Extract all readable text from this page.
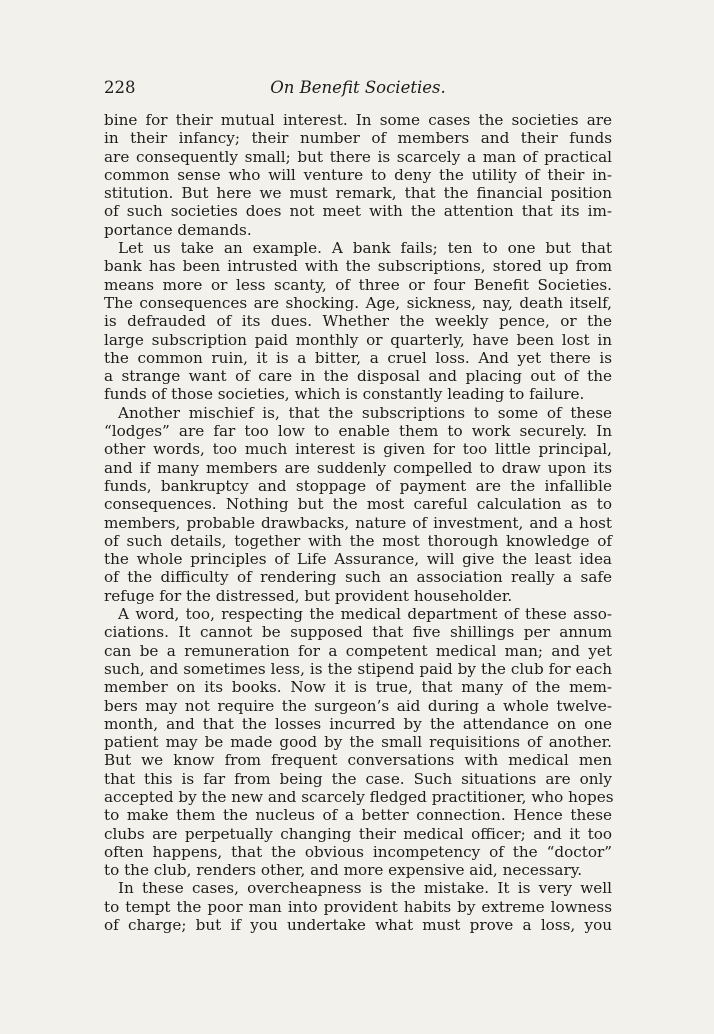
228	On Benefit Societies.
bine for their mutual interest. In some cases the societies are
in their infancy; their number of members and their funds
are consequently small; but there is scarcely a man of practical
common sense who will venture to deny the utility of their in-
stitution. But here we must remark, that the financial position
of such societies does not meet with the attention that its im-
portance demands.
Let us take an example. A bank fails; ten to one but that
bank has been intrusted with the subscriptions, stored up from
means more or less scanty, of three or four Benefit Societies.
The consequences are shocking. Age, sickness, nay, death itself,
is defrauded of its dues. Whether the weekly pence, or the
large subscription paid monthly or quarterly, have been lost in
the common ruin, it is a bitter, a cruel loss. And yet there is
a strange want of care in the disposal and placing out of the
funds of those societies, which is constantly leading to failure.
Another mischief is, that the subscriptions to some of these
“lodges” are far too low to enable them to work securely. In
other words, too much interest is given for too little principal,
and if many members are suddenly compelled to draw upon its
funds, bankruptcy and stoppage of payment are the infallible
consequences. Nothing but the most careful calculation as to
members, probable drawbacks, nature of investment, and a host
of such details, together with the most thorough knowledge of
the whole principles of Life Assurance, will give the least idea
of the difficulty of rendering such an association really a safe
refuge for the distressed, but provident householder.
A word, too, respecting the medical department of these asso-
ciations. It cannot be supposed that five shillings per annum
can be a remuneration for a competent medical man; and yet
such, and sometimes less, is the stipend paid by the club for each
member on its books. Now it is true, that many of the mem-
bers may not require the surgeon’s aid during a whole twelve-
month, and that the losses incurred by the attendance on one
patient may be made good by the small requisitions of another.
But we know from frequent conversations with medical men
that this is far from being the case. Such situations are only
accepted by the new and scarcely fledged practitioner, who hopes
to make them the nucleus of a better connection. Hence these
clubs are perpetually changing their medical officer; and it too
often happens, that the obvious incompetency of the “doctor”
to the club, renders other, and more expensive aid, necessary.
In these cases, overcheapness is the mistake. It is very well
to tempt the poor man into provident habits by extreme lowness
of charge; but if you undertake what must prove a loss, you
